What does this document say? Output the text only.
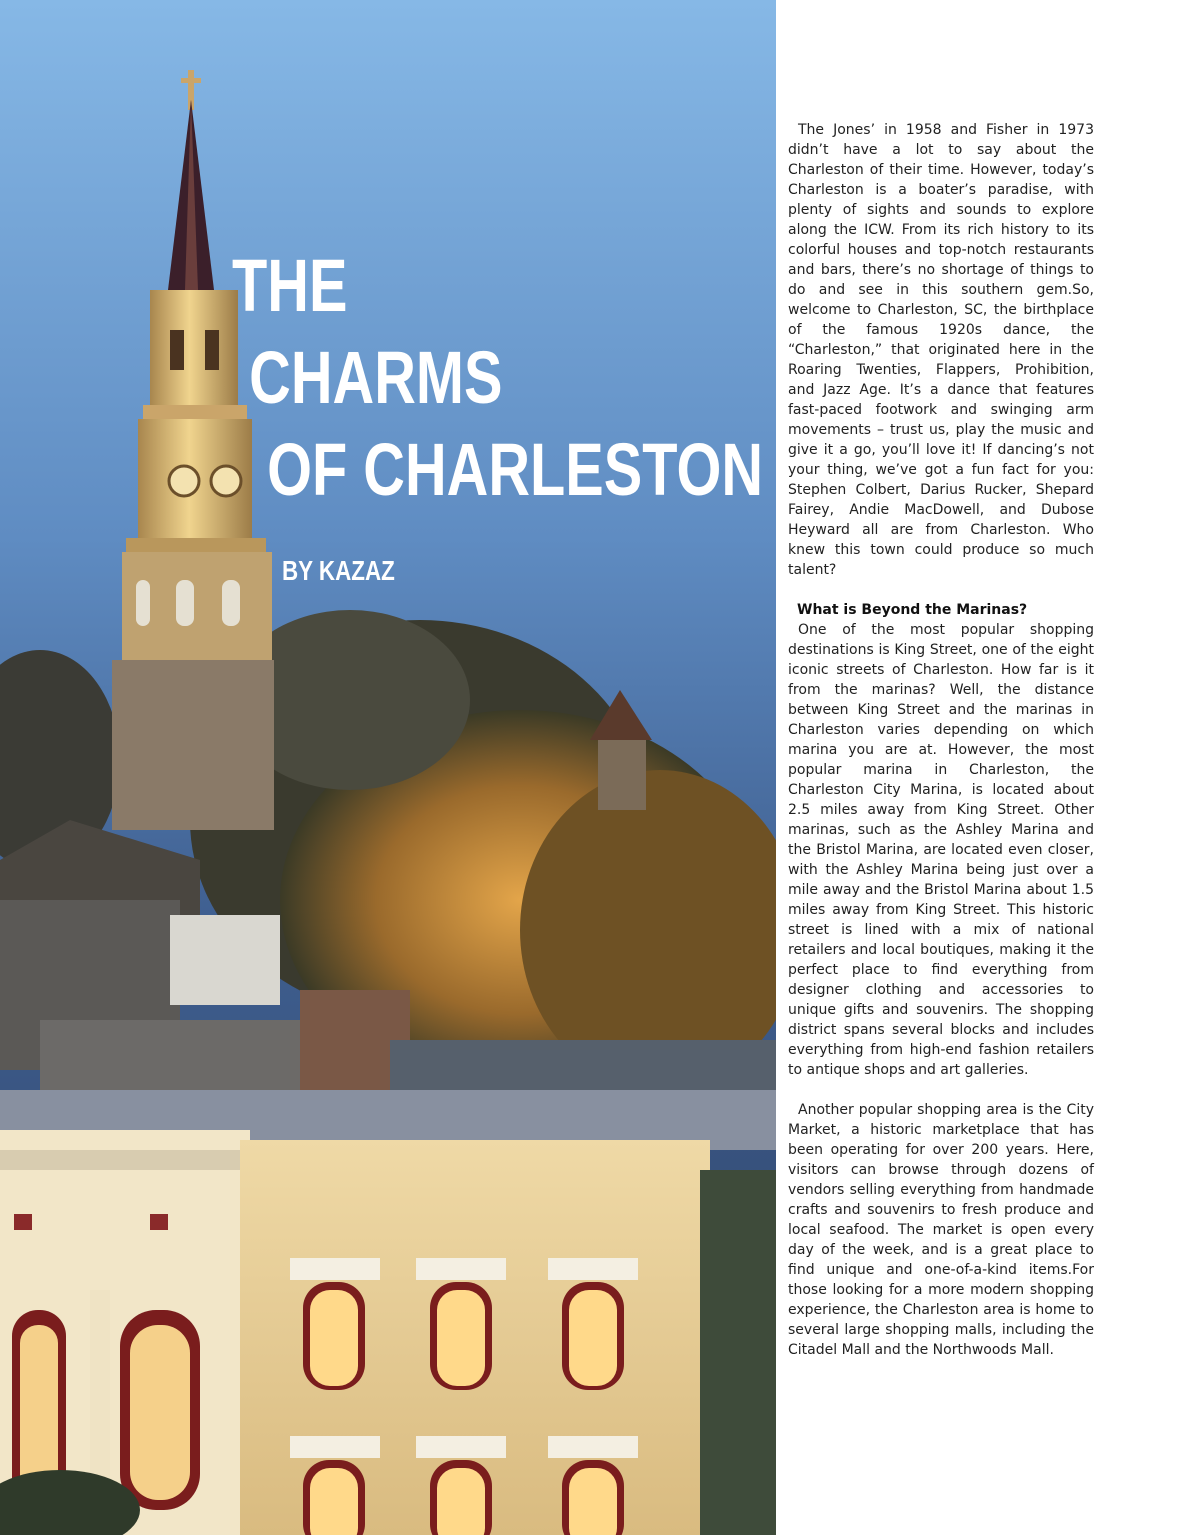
THE
CHARMS
OF CHARLESTON
BY KAZAZ

The Jones’ in 1958 and Fisher in 1973 didn’t have a lot to say about the Charleston of their time. However, today’s Charleston is a boater’s paradise, with plenty of sights and sounds to explore along the ICW. From its rich history to its colorful houses and top-notch restaurants and bars, there’s no shortage of things to do and see in this southern gem.So, welcome to Charleston, SC, the birthplace of the famous 1920s dance, the “Charleston,” that originated here in the Roaring Twenties, Flappers, Prohibition, and Jazz Age. It’s a dance that features fast-paced footwork and swinging arm movements – trust us, play the music and give it a go, you’ll love it! If dancing’s not your thing, we’ve got a fun fact for you: Stephen Colbert, Darius Rucker, Shepard Fairey, Andie MacDowell, and Dubose Heyward all are from Charleston. Who knew this town could produce so much talent?

What is Beyond the Marinas?

One of the most popular shopping destinations is King Street, one of the eight iconic streets of Charleston. How far is it from the marinas? Well, the distance between King Street and the marinas in Charleston varies depending on which marina you are at. However, the most popular marina in Charleston, the Charleston City Marina, is located about 2.5 miles away from King Street. Other marinas, such as the Ashley Marina and the Bristol Marina, are located even closer, with the Ashley Marina being just over a mile away and the Bristol Marina about 1.5 miles away from King Street. This historic street is lined with a mix of national retailers and local boutiques, making it the perfect place to find everything from designer clothing and accessories to unique gifts and souvenirs. The shopping district spans several blocks and includes everything from high-end fashion retailers to antique shops and art galleries.

Another popular shopping area is the City Market, a historic marketplace that has been operating for over 200 years. Here, visitors can browse through dozens of vendors selling everything from handmade crafts and souvenirs to fresh produce and local seafood. The market is open every day of the week, and is a great place to find unique and one-of-a-kind items.For those looking for a more modern shopping experience, the Charleston area is home to several large shopping malls, including the Citadel Mall and the Northwoods Mall.
